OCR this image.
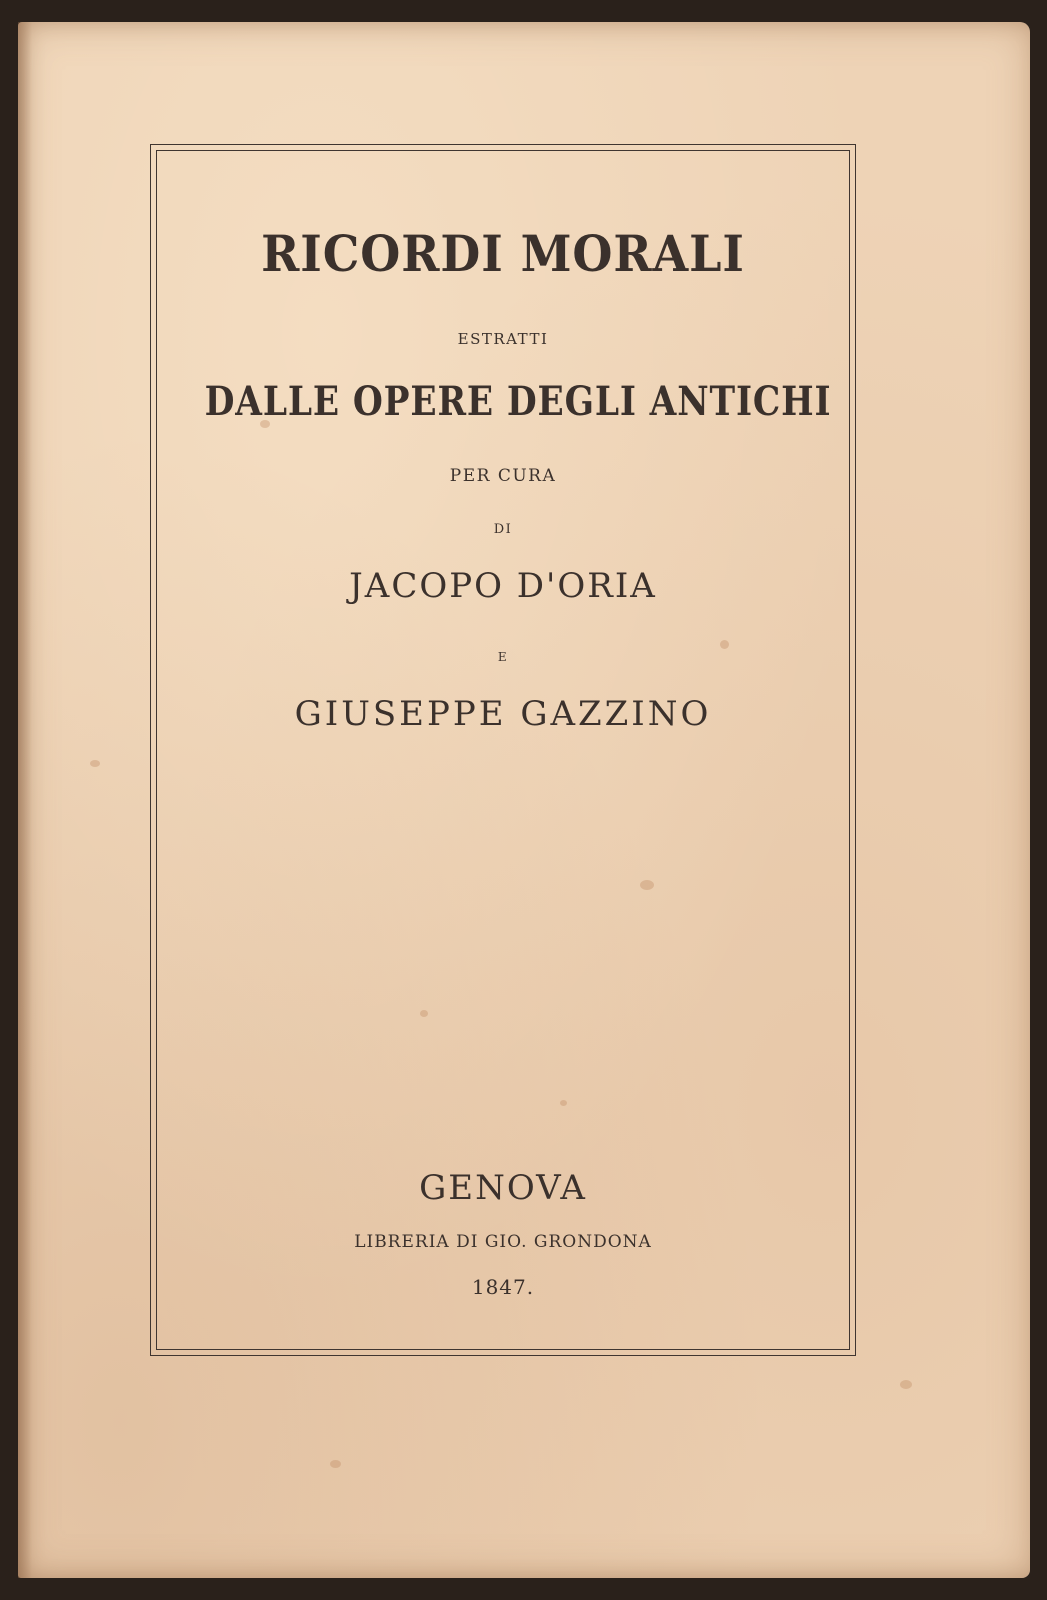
RICORDI MORALI
ESTRATTI
DALLE OPERE DEGLI ANTICHI
PER CURA
DI
JACOPO D'ORIA
E
GIUSEPPE GAZZINO
GENOVA
LIBRERIA DI GIO. GRONDONA
1847.
